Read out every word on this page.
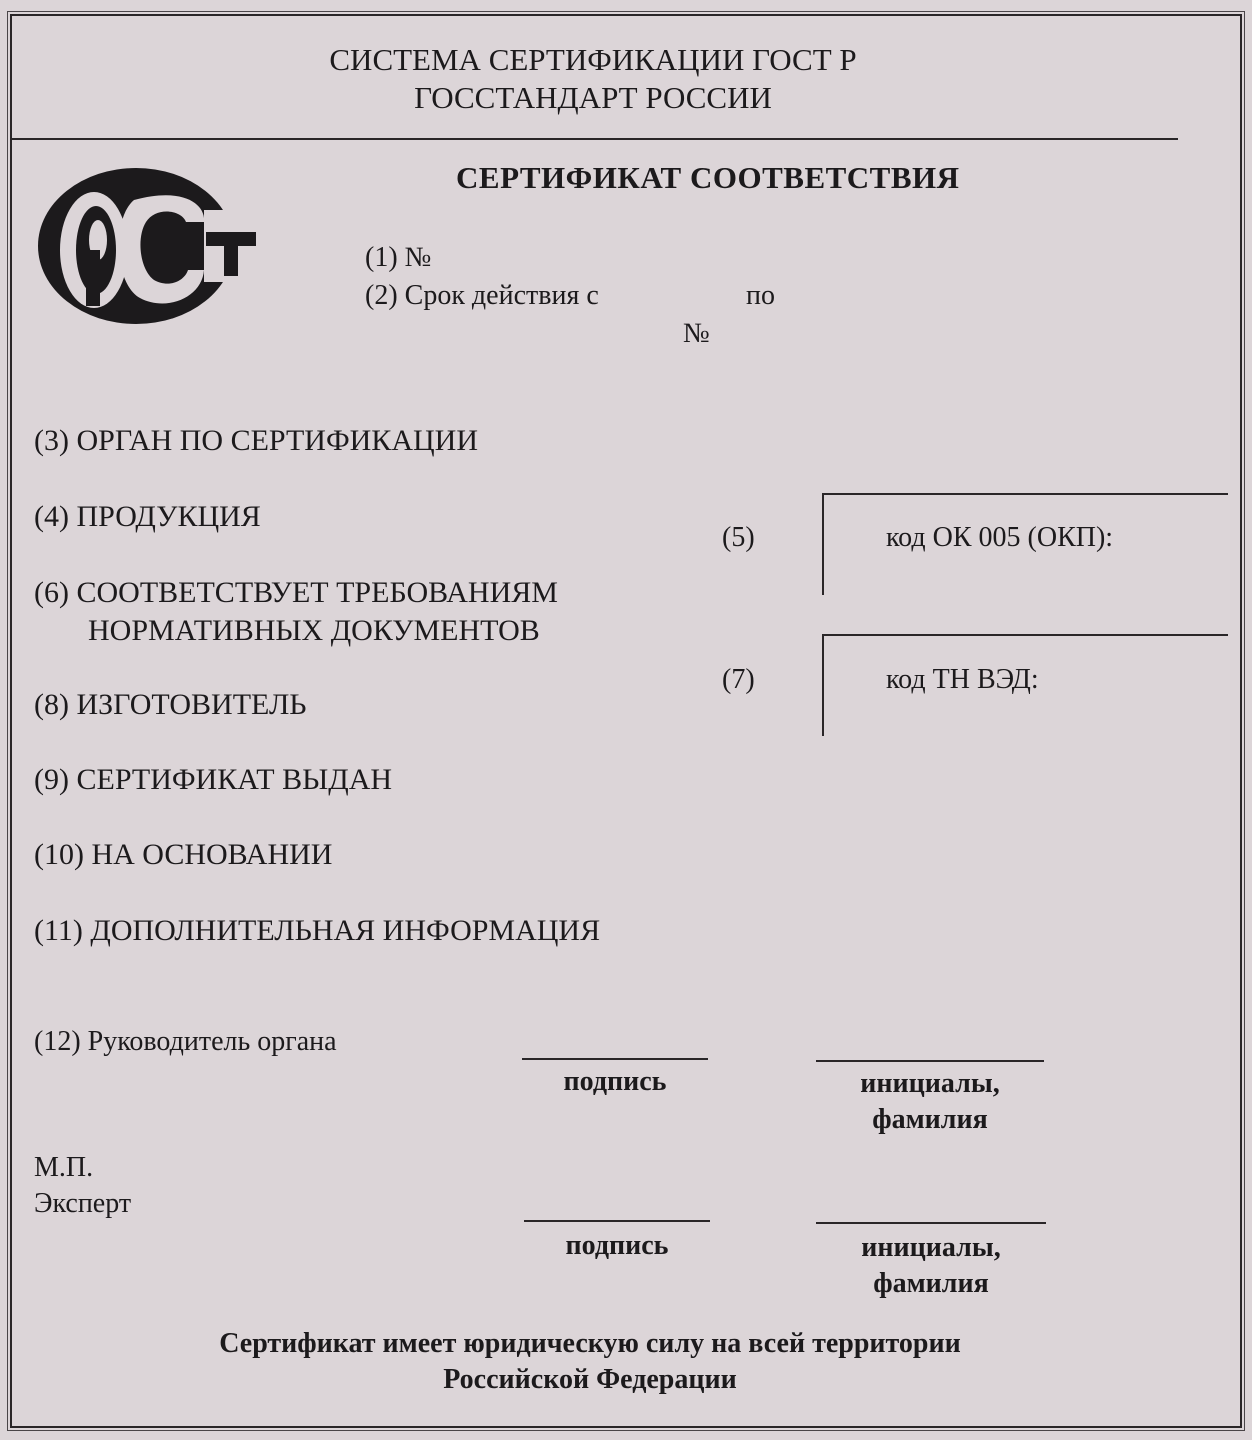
СИСТЕМА СЕРТИФИКАЦИИ ГОСТ Р
ГОССТАНДАРТ РОССИИ
СЕРТИФИКАТ СООТВЕТСТВИЯ
(1) №
(2) Срок действия с	по
№
(3) ОРГАН ПО СЕРТИФИКАЦИИ
(4) ПРОДУКЦИЯ
(6) СООТВЕТСТВУЕТ ТРЕБОВАНИЯМ
НОРМАТИВНЫХ ДОКУМЕНТОВ
(8) ИЗГОТОВИТЕЛЬ
(9) СЕРТИФИКАТ ВЫДАН
(10) НА ОСНОВАНИИ
(11) ДОПОЛНИТЕЛЬНАЯ ИНФОРМАЦИЯ
(5)	код ОК 005 (ОКП):
(7)	код ТН ВЭД:
(12) Руководитель органа
подпись	инициалы,
фамилия
М.П.
Эксперт
подпись	инициалы,
фамилия
Сертификат имеет юридическую силу на всей территории
Российской Федерации
